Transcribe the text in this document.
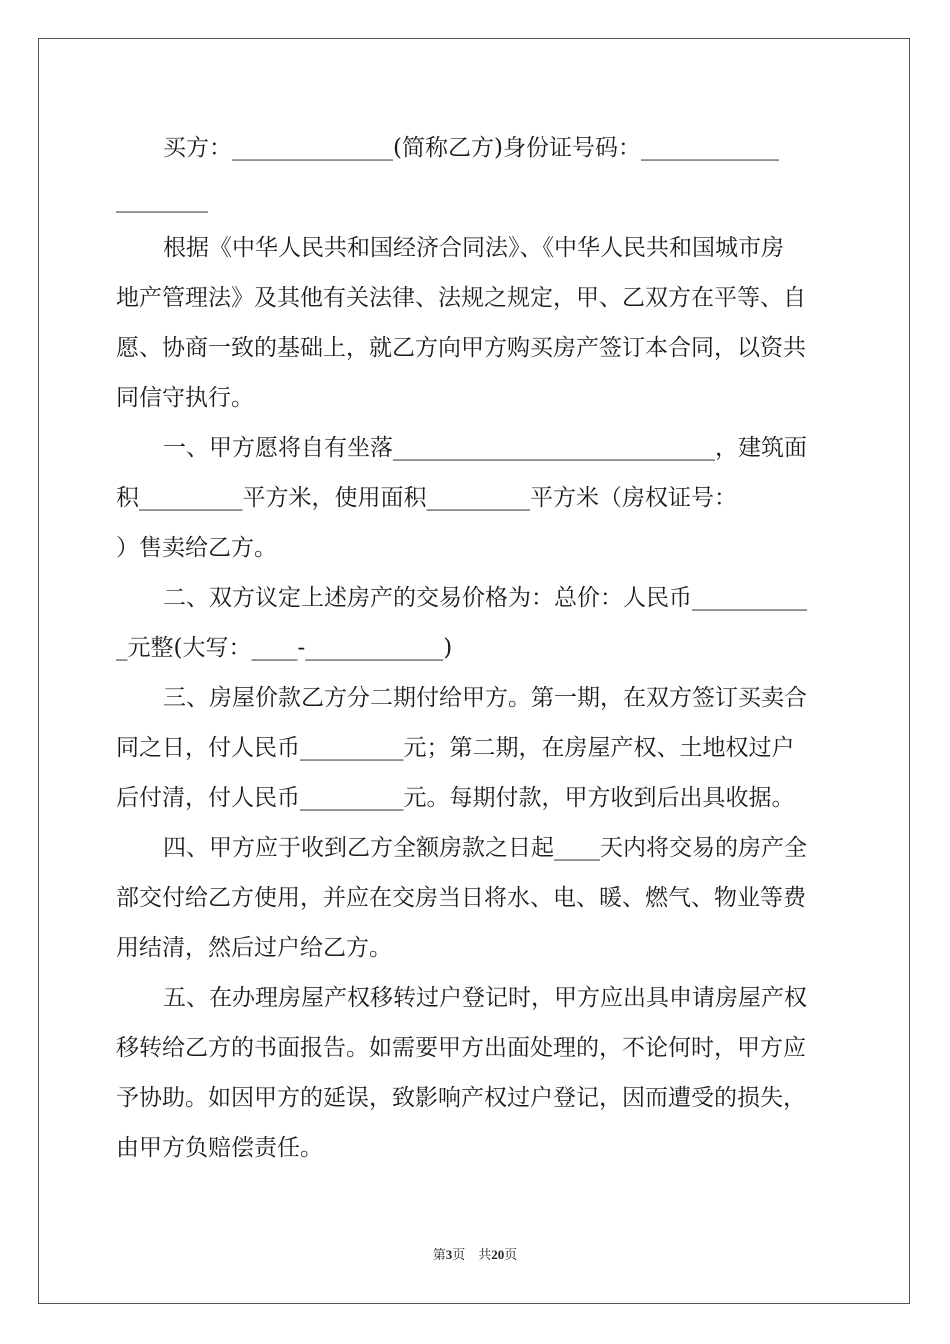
买方：______________(简称乙方)身份证号码：____________
________
根据《中华人民共和国经济合同法》、《中华人民共和国城市房
地产管理法》及其他有关法律、法规之规定，甲、乙双方在平等、自
愿、协商一致的基础上，就乙方向甲方购买房产签订本合同，以资共
同信守执行。
一、甲方愿将自有坐落____________________________，建筑面
积_________平方米，使用面积_________平方米（房权证号：
）售卖给乙方。
二、双方议定上述房产的交易价格为：总价：人民币__________
_元整(大写：____-____________)
三、房屋价款乙方分二期付给甲方。第一期，在双方签订买卖合
同之日，付人民币_________元；第二期，在房屋产权、土地权过户
后付清，付人民币_________元。每期付款，甲方收到后出具收据。
四、甲方应于收到乙方全额房款之日起____天内将交易的房产全
部交付给乙方使用，并应在交房当日将水、电、暖、燃气、物业等费
用结清，然后过户给乙方。
五、在办理房屋产权移转过户登记时，甲方应出具申请房屋产权
移转给乙方的书面报告。如需要甲方出面处理的，不论何时，甲方应
予协助。如因甲方的延误，致影响产权过户登记，因而遭受的损失，
由甲方负赔偿责任。
第3页　共20页
